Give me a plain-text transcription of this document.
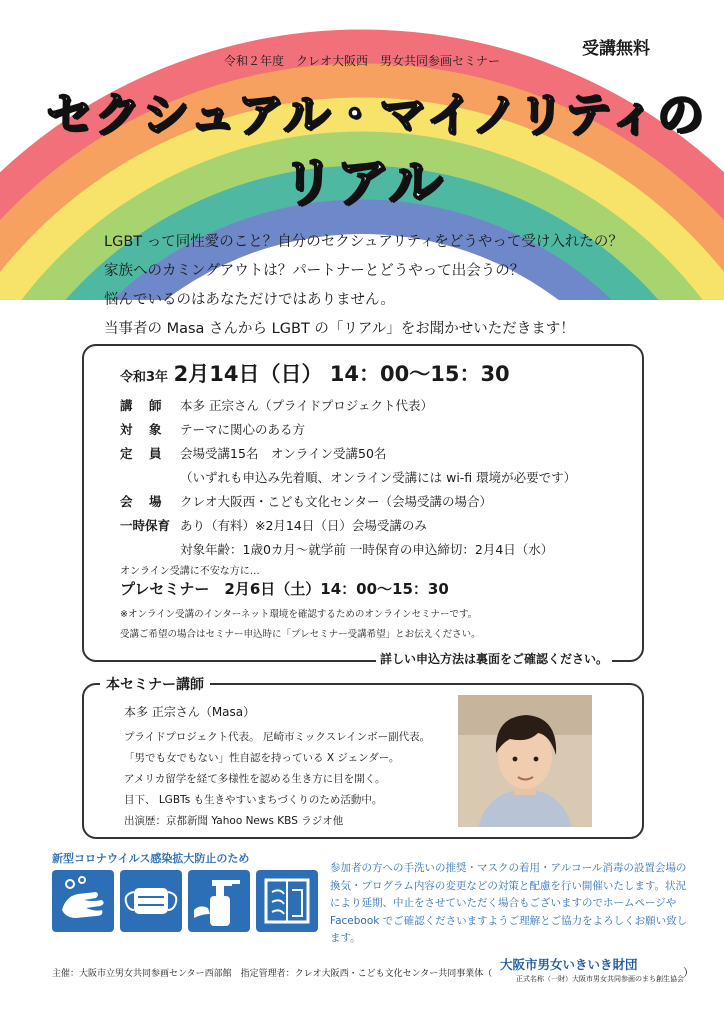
受講無料
令和２年度　クレオ大阪西　男女共同参画セミナー
セクシュアル・マイノリティの
リアル

LGBT って同性愛のこと？自分のセクシュアリティをどうやって受け入れたの？

家族へのカミングアウトは？パートナーとどうやって出会うの？

悩んでいるのはあなただけではありません。

当事者の Masa さんから LGBT の「リアル」をお聞かせいただきます！

令和3年 2月14日（日） 14：00〜15：30
講　師	本多 正宗さん（プライドプロジェクト代表）
対　象	テーマに関心のある方
定　員	会場受講15名　オンライン受講50名
（いずれも申込み先着順、オンライン受講には wi-fi 環境が必要です）
会　場	クレオ大阪西・こども文化センター（会場受講の場合）
一時保育 あり（有料）※2月14日（日）会場受講のみ
対象年齢：1歳0カ月〜就学前 一時保育の申込締切：2月4日（水）
オンライン受講に不安な方に…
プレセミナー　2月6日（土）14：00〜15：30
※オンライン受講のインターネット環境を確認するためのオンラインセミナーです。
受講ご希望の場合はセミナー申込時に「プレセミナー受講希望」とお伝えください。
詳しい申込方法は裏面をご確認ください。
本多 正宗さん（Masa）
プライドプロジェクト代表。 尼崎市ミックスレインボー副代表。
「男でも女でもない」性自認を持っている X ジェンダー。
アメリカ留学を経て多様性を認める生き方に目を開く。
目下、 LGBTs も生きやすいまちづくりのため活動中。
出演歴：京都新聞 Yahoo News KBS ラジオ他
本セミナー講師
新型コロナウイルス感染拡大防止のため
参加者の方への手洗いの推奨・マスクの着用・アルコール消毒の設置会場の換気・プログラム内容の変更などの対策と配慮を行い開催いたします。状況により延期、中止をさせていただく場合もございますのでホームページや Facebook でご確認くださいますようご理解とご協力をよろしくお願い致します。
主催：大阪市立男女共同参画センター西部館　指定管理者：クレオ大阪西・こども文化センター共同事業体（
大阪市男女いきいき財団
正式名称（一財）大阪市男女共同参画のまち創生協会 ）
